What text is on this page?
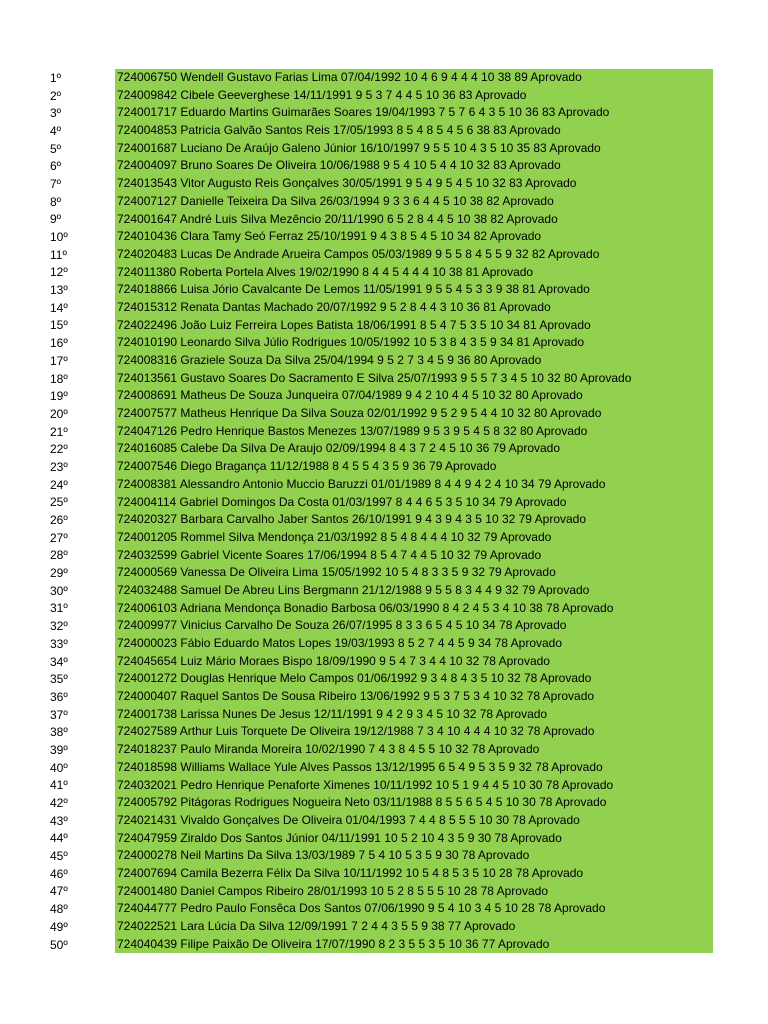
1º	724006750 Wendell Gustavo Farias Lima 07/04/1992 10 4 6 9 4 4 4 10 38 89 Aprovado
2º	724009842 Cibele Geeverghese 14/11/1991 9 5 3 7 4 4 5 10 36 83 Aprovado
3º	724001717 Eduardo Martins Guimarães Soares 19/04/1993 7 5 7 6 4 3 5 10 36 83 Aprovado
4º	724004853 Patricia Galvão Santos Reis 17/05/1993 8 5 4 8 5 4 5 6 38 83 Aprovado
5º	724001687 Luciano De Araújo Galeno Júnior 16/10/1997 9 5 5 10 4 3 5 10 35 83 Aprovado
6º	724004097 Bruno Soares De Oliveira 10/06/1988 9 5 4 10 5 4 4 10 32 83 Aprovado
7º	724013543 Vitor Augusto Reis Gonçalves 30/05/1991 9 5 4 9 5 4 5 10 32 83 Aprovado
8º	724007127 Danielle Teixeira Da Silva 26/03/1994 9 3 3 6 4 4 5 10 38 82 Aprovado
9º	724001647 André Luis Silva Mezêncio 20/11/1990 6 5 2 8 4 4 5 10 38 82 Aprovado
10º	724010436 Clara Tamy Seó Ferraz 25/10/1991 9 4 3 8 5 4 5 10 34 82 Aprovado
11º	724020483 Lucas De Andrade Arueira Campos 05/03/1989 9 5 5 8 4 5 5 9 32 82 Aprovado
12º	724011380 Roberta Portela Alves 19/02/1990 8 4 4 5 4 4 4 10 38 81 Aprovado
13º	724018866 Luisa Jório Cavalcante De Lemos 11/05/1991 9 5 5 4 5 3 3 9 38 81 Aprovado
14º	724015312 Renata Dantas Machado 20/07/1992 9 5 2 8 4 4 3 10 36 81 Aprovado
15º	724022496 João Luiz Ferreira Lopes Batista 18/06/1991 8 5 4 7 5 3 5 10 34 81 Aprovado
16º	724010190 Leonardo Silva Júlio Rodrigues 10/05/1992 10 5 3 8 4 3 5 9 34 81 Aprovado
17º	724008316 Graziele Souza Da Silva 25/04/1994 9 5 2 7 3 4 5 9 36 80 Aprovado
18º	724013561 Gustavo Soares Do Sacramento E Silva 25/07/1993 9 5 5 7 3 4 5 10 32 80 Aprovado
19º	724008691 Matheus De Souza Junqueira 07/04/1989 9 4 2 10 4 4 5 10 32 80 Aprovado
20º	724007577 Matheus Henrique Da Silva Souza 02/01/1992 9 5 2 9 5 4 4 10 32 80 Aprovado
21º	724047126 Pedro Henrique Bastos Menezes 13/07/1989 9 5 3 9 5 4 5 8 32 80 Aprovado
22º	724016085 Calebe Da Silva De Araujo 02/09/1994 8 4 3 7 2 4 5 10 36 79 Aprovado
23º	724007546 Diego Bragança 11/12/1988 8 4 5 5 4 3 5 9 36 79 Aprovado
24º	724008381 Alessandro Antonio Muccio Baruzzi 01/01/1989 8 4 4 9 4 2 4 10 34 79 Aprovado
25º	724004114 Gabriel Domingos Da Costa 01/03/1997 8 4 4 6 5 3 5 10 34 79 Aprovado
26º	724020327 Barbara Carvalho Jaber Santos 26/10/1991 9 4 3 9 4 3 5 10 32 79 Aprovado
27º	724001205 Rommel Silva Mendonça 21/03/1992 8 5 4 8 4 4 4 10 32 79 Aprovado
28º	724032599 Gabriel Vicente Soares 17/06/1994 8 5 4 7 4 4 5 10 32 79 Aprovado
29º	724000569 Vanessa De Oliveira Lima 15/05/1992 10 5 4 8 3 3 5 9 32 79 Aprovado
30º	724032488 Samuel De Abreu Lins Bergmann 21/12/1988 9 5 5 8 3 4 4 9 32 79 Aprovado
31º	724006103 Adriana Mendonça Bonadio Barbosa 06/03/1990 8 4 2 4 5 3 4 10 38 78 Aprovado
32º	724009977 Vinicius Carvalho De Souza 26/07/1995 8 3 3 6 5 4 5 10 34 78 Aprovado
33º	724000023 Fábio Eduardo Matos Lopes 19/03/1993 8 5 2 7 4 4 5 9 34 78 Aprovado
34º	724045654 Luiz Mário Moraes Bispo 18/09/1990 9 5 4 7 3 4 4 10 32 78 Aprovado
35º	724001272 Douglas Henrique Melo Campos 01/06/1992 9 3 4 8 4 3 5 10 32 78 Aprovado
36º	724000407 Raquel Santos De Sousa Ribeiro 13/06/1992 9 5 3 7 5 3 4 10 32 78 Aprovado
37º	724001738 Larissa Nunes De Jesus 12/11/1991 9 4 2 9 3 4 5 10 32 78 Aprovado
38º	724027589 Arthur Luis Torquete De Oliveira 19/12/1988 7 3 4 10 4 4 4 10 32 78 Aprovado
39º	724018237 Paulo Miranda Moreira 10/02/1990 7 4 3 8 4 5 5 10 32 78 Aprovado
40º	724018598 Williams Wallace Yule Alves Passos 13/12/1995 6 5 4 9 5 3 5 9 32 78 Aprovado
41º	724032021 Pedro Henrique Penaforte Ximenes 10/11/1992 10 5 1 9 4 4 5 10 30 78 Aprovado
42º	724005792 Pitágoras Rodrigues Nogueira Neto 03/11/1988 8 5 5 6 5 4 5 10 30 78 Aprovado
43º	724021431 Vivaldo Gonçalves De Oliveira 01/04/1993 7 4 4 8 5 5 5 10 30 78 Aprovado
44º	724047959 Ziraldo Dos Santos Júnior 04/11/1991 10 5 2 10 4 3 5 9 30 78 Aprovado
45º	724000278 Neil Martins Da Silva 13/03/1989 7 5 4 10 5 3 5 9 30 78 Aprovado
46º	724007694 Camila Bezerra Félix Da Silva 10/11/1992 10 5 4 8 5 3 5 10 28 78 Aprovado
47º	724001480 Daniel Campos Ribeiro 28/01/1993 10 5 2 8 5 5 5 10 28 78 Aprovado
48º	724044777 Pedro Paulo Fonsêca Dos Santos 07/06/1990 9 5 4 10 3 4 5 10 28 78 Aprovado
49º	724022521 Lara Lúcia Da Silva 12/09/1991 7 2 4 4 3 5 5 9 38 77 Aprovado
50º	724040439 Filipe Paixão De Oliveira 17/07/1990 8 2 3 5 5 3 5 10 36 77 Aprovado
